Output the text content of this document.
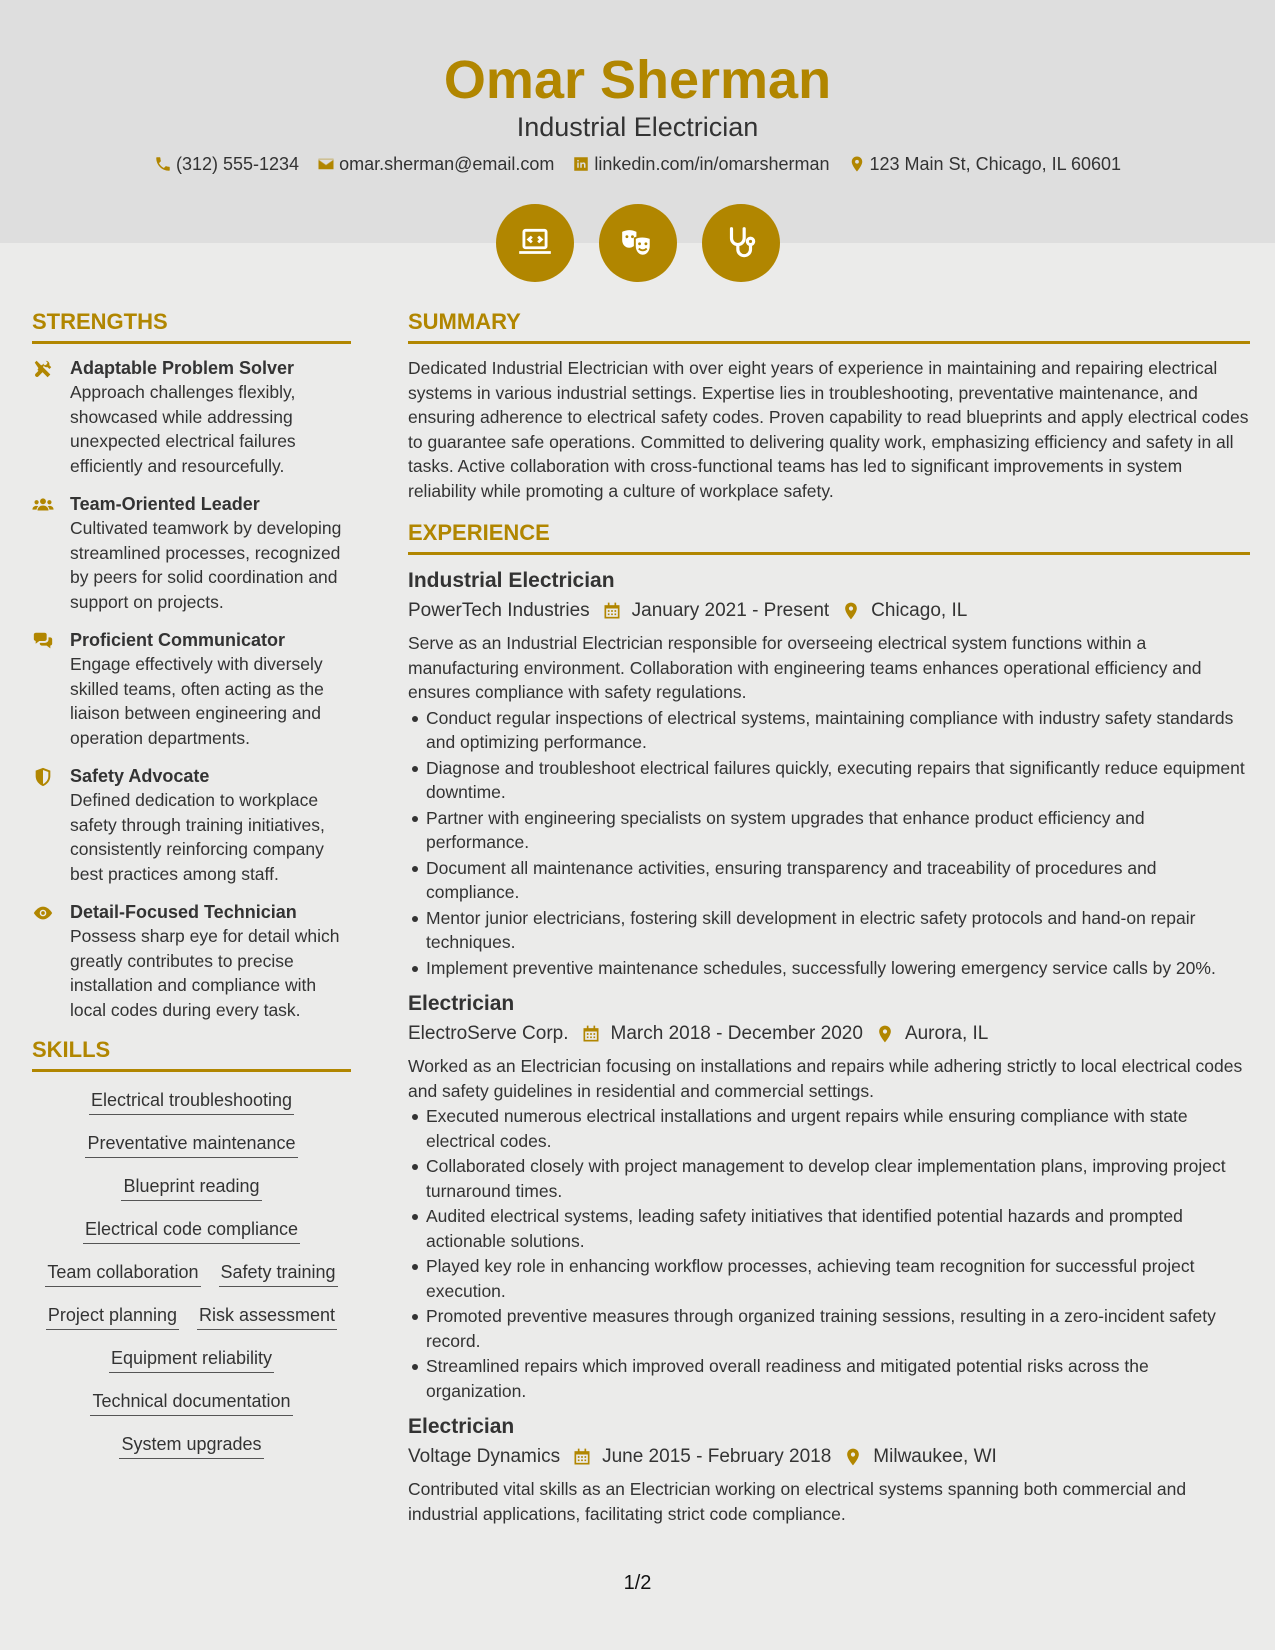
Omar Sherman
Industrial Electrician
(312) 555-1234 omar.sherman@email.com linkedin.com/in/omarsherman 123 Main St, Chicago, IL 60601
STRENGTHS
Adaptable Problem Solver
Approach challenges flexibly, showcased while addressing unexpected electrical failures efficiently and resourcefully.
Team-Oriented Leader
Cultivated teamwork by developing streamlined processes, recognized by peers for solid coordination and support on projects.
Proficient Communicator
Engage effectively with diversely skilled teams, often acting as the liaison between engineering and operation departments.
Safety Advocate
Defined dedication to workplace safety through training initiatives, consistently reinforcing company best practices among staff.
Detail-Focused Technician
Possess sharp eye for detail which greatly contributes to precise installation and compliance with local codes during every task.
SKILLS
Electrical troubleshooting
Preventative maintenance
Blueprint reading
Electrical code compliance
Team collaboration Safety training
Project planning Risk assessment
Equipment reliability
Technical documentation
System upgrades
SUMMARY
Dedicated Industrial Electrician with over eight years of experience in maintaining and repairing electrical systems in various industrial settings. Expertise lies in troubleshooting, preventative maintenance, and ensuring adherence to electrical safety codes. Proven capability to read blueprints and apply electrical codes to guarantee safe operations. Committed to delivering quality work, emphasizing efficiency and safety in all tasks. Active collaboration with cross-functional teams has led to significant improvements in system reliability while promoting a culture of workplace safety.
EXPERIENCE
Industrial Electrician
PowerTech Industries January 2021 - Present Chicago, IL
Serve as an Industrial Electrician responsible for overseeing electrical system functions within a manufacturing environment. Collaboration with engineering teams enhances operational efficiency and ensures compliance with safety regulations.
Conduct regular inspections of electrical systems, maintaining compliance with industry safety standards and optimizing performance.
Diagnose and troubleshoot electrical failures quickly, executing repairs that significantly reduce equipment downtime.
Partner with engineering specialists on system upgrades that enhance product efficiency and performance.
Document all maintenance activities, ensuring transparency and traceability of procedures and compliance.
Mentor junior electricians, fostering skill development in electric safety protocols and hand-on repair techniques.
Implement preventive maintenance schedules, successfully lowering emergency service calls by 20%.
Electrician
ElectroServe Corp. March 2018 - December 2020 Aurora, IL
Worked as an Electrician focusing on installations and repairs while adhering strictly to local electrical codes and safety guidelines in residential and commercial settings.
Executed numerous electrical installations and urgent repairs while ensuring compliance with state electrical codes.
Collaborated closely with project management to develop clear implementation plans, improving project turnaround times.
Audited electrical systems, leading safety initiatives that identified potential hazards and prompted actionable solutions.
Played key role in enhancing workflow processes, achieving team recognition for successful project execution.
Promoted preventive measures through organized training sessions, resulting in a zero-incident safety record.
Streamlined repairs which improved overall readiness and mitigated potential risks across the organization.
Electrician
Voltage Dynamics June 2015 - February 2018 Milwaukee, WI
Contributed vital skills as an Electrician working on electrical systems spanning both commercial and industrial applications, facilitating strict code compliance.
1/2
